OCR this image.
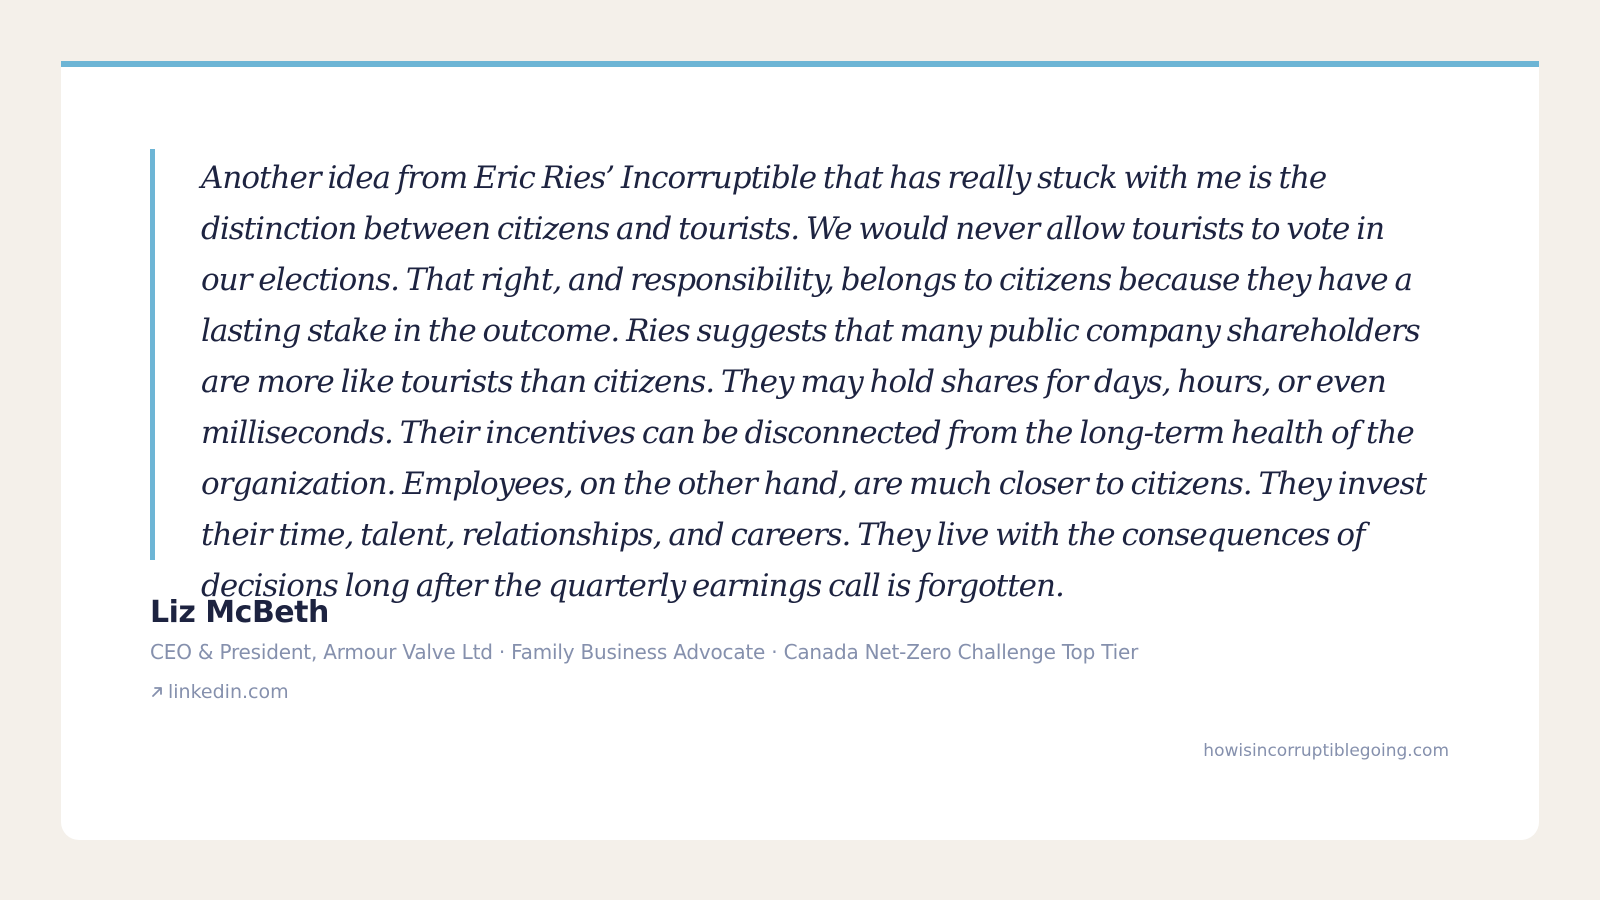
Another idea from Eric Ries’ Incorruptible that has really stuck with me is the distinction between citizens and tourists. We would never allow tourists to vote in our elections. That right, and responsibility, belongs to citizens because they have a lasting stake in the outcome. Ries suggests that many public company shareholders are more like tourists than citizens. They may hold shares for days, hours, or even milliseconds. Their incentives can be disconnected from the long-term health of the organization. Employees, on the other hand, are much closer to citizens. They invest their time, talent, relationships, and careers. They live with the consequences of decisions long after the quarterly earnings call is forgotten.

Liz McBeth
CEO & President, Armour Valve Ltd · Family Business Advocate · Canada Net-Zero Challenge Top Tier
linkedin.com
howisincorruptiblegoing.com
